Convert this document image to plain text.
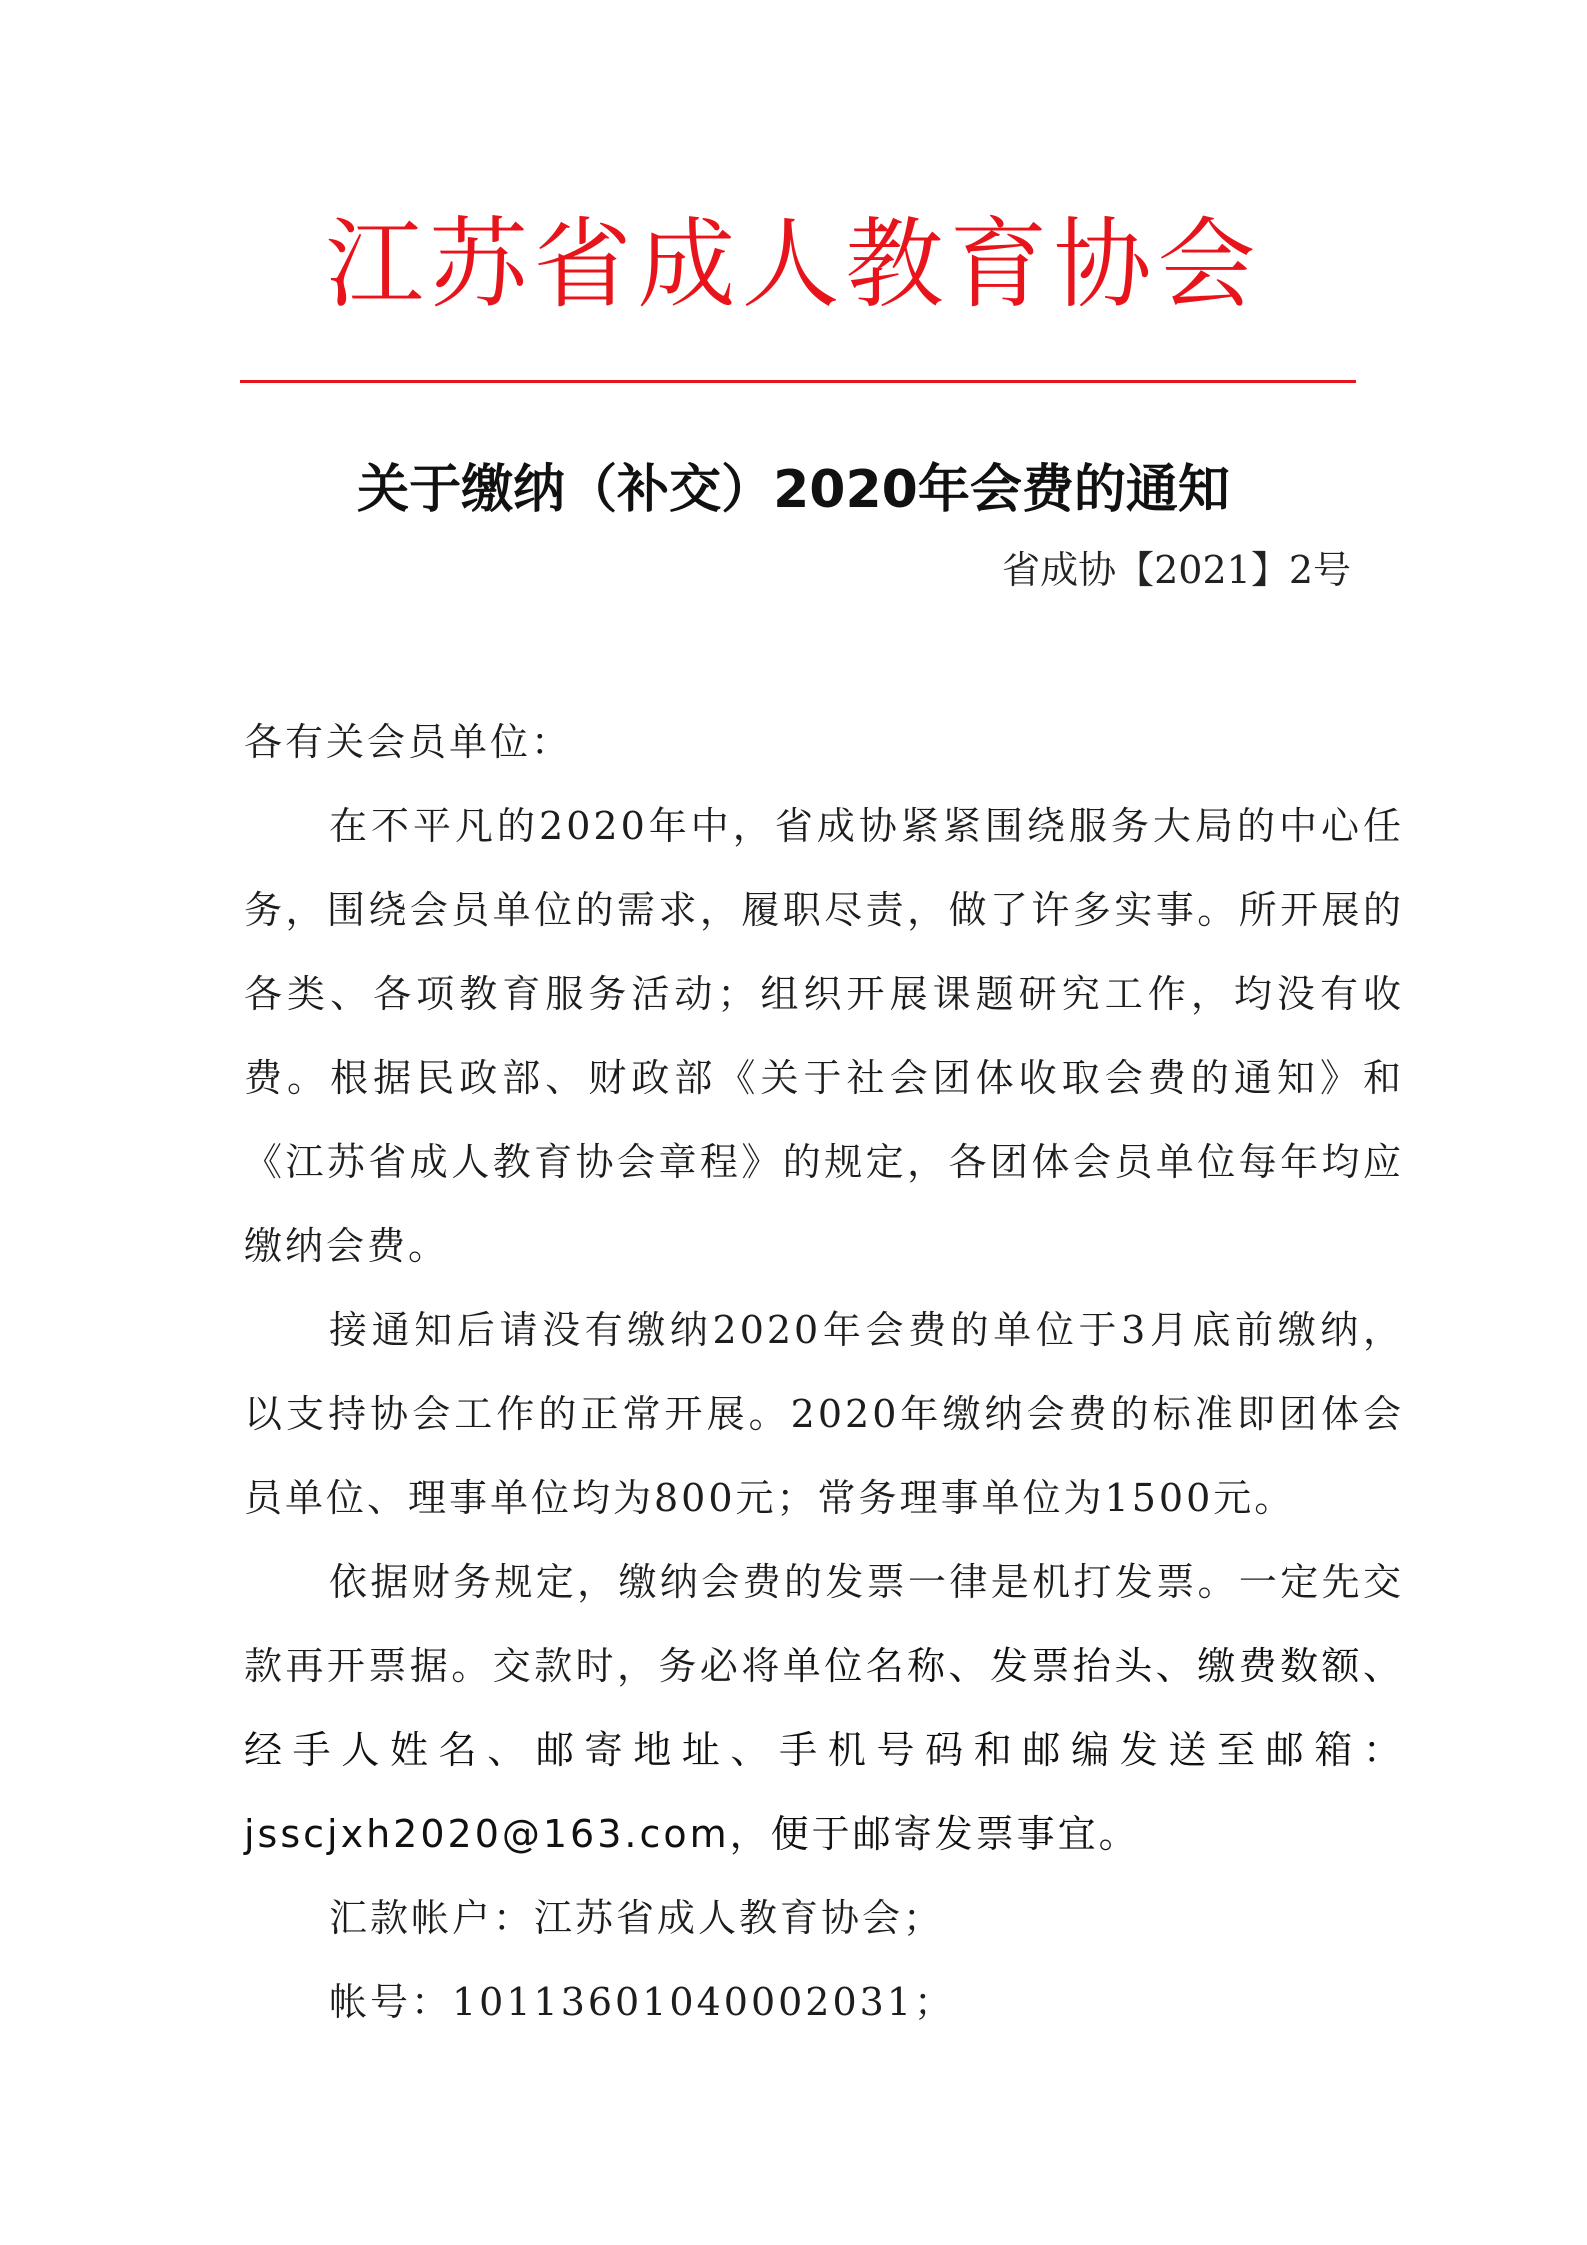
江苏省成人教育协会
关于缴纳（补交）2020年会费的通知
省成协【2021】2号

各有关会员单位：

在不平凡的2020年中，省成协紧紧围绕服务大局的中心任务，围绕会员单位的需求，履职尽责，做了许多实事。所开展的各类、各项教育服务活动；组织开展课题研究工作，均没有收费。根据民政部、财政部《关于社会团体收取会费的通知》和《江苏省成人教育协会章程》的规定，各团体会员单位每年均应缴纳会费。

接通知后请没有缴纳2020年会费的单位于3月底前缴纳，以支持协会工作的正常开展。2020年缴纳会费的标准即团体会员单位、理事单位均为800元；常务理事单位为1500元。

依据财务规定，缴纳会费的发票一律是机打发票。一定先交款再开票据。交款时，务必将单位名称、发票抬头、缴费数额、经手人姓名、邮寄地址、手机号码和邮编发送至邮箱：jsscjxh2020@163.com，便于邮寄发票事宜。

汇款帐户：江苏省成人教育协会；

帐号：10113601040002031；
